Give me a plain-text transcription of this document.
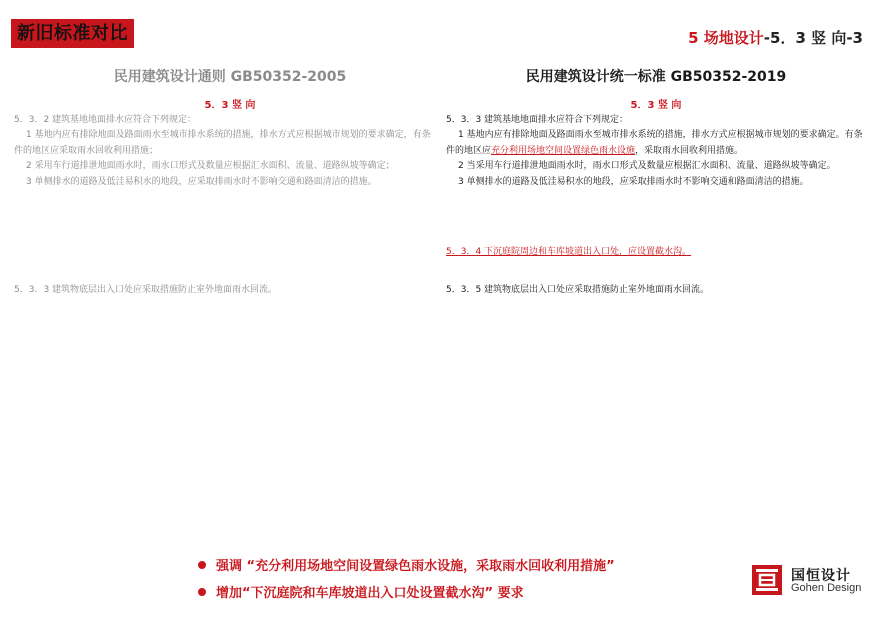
新旧标准对比	5 场地设计-5．3 竖 向-3
民用建筑设计通则 GB50352-2005	民用建筑设计统一标准 GB50352-2019
5．3 竖 向	5．3 竖 向

5．3．2 建筑基地地面排水应符合下列规定：

1 基地内应有排除地面及路面雨水至城市排水系统的措施，排水方式应根据城市规划的要求确定，有条件的地区应采取雨水回收利用措施；

2 采用车行道排泄地面雨水时，雨水口形式及数量应根据汇水面积、流量、道路纵坡等确定；

3 单侧排水的道路及低洼易积水的地段，应采取排雨水时不影响交通和路面清洁的措施。

5．3．3 建筑物底层出入口处应采取措施防止室外地面雨水回流。

5．3．3 建筑基地地面排水应符合下列规定：

1 基地内应有排除地面及路面雨水至城市排水系统的措施，排水方式应根据城市规划的要求确定。有条件的地区应充分利用场地空间设置绿色雨水设施，采取雨水回收利用措施。

2 当采用车行道排泄地面雨水时，雨水口形式及数量应根据汇水面积、流量、道路纵坡等确定。

3 单侧排水的道路及低洼易积水的地段，应采取排雨水时不影响交通和路面清洁的措施。

5．3．4 下沉庭院周边和车库坡道出入口处，应设置截水沟。
5．3．5 建筑物底层出入口处应采取措施防止室外地面雨水回流。
强调 “充分利用场地空间设置绿色雨水设施，采取雨水回收利用措施”
增加“下沉庭院和车库坡道出入口处设置截水沟” 要求
国恒设计
Gohen Design
